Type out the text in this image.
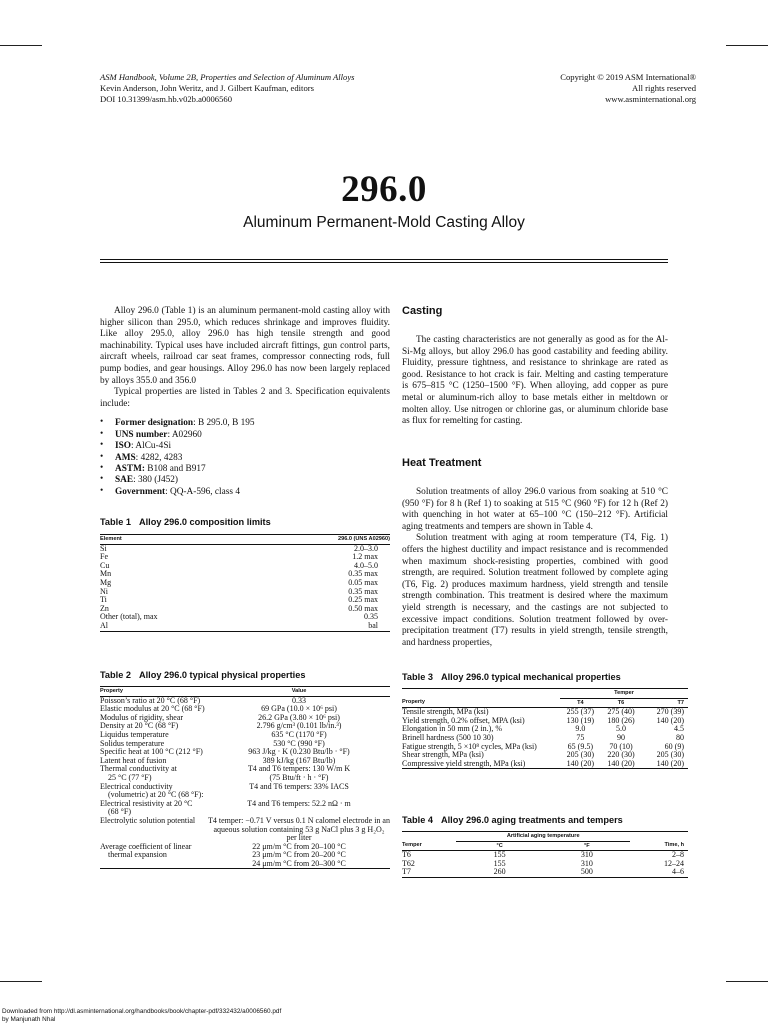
ASM Handbook, Volume 2B, Properties and Selection of Aluminum Alloys
Kevin Anderson, John Weritz, and J. Gilbert Kaufman, editors
DOI 10.31399/asm.hb.v02b.a0006560
Copyright © 2019 ASM International®
All rights reserved
www.asminternational.org
296.0
Aluminum Permanent-Mold Casting Alloy

Alloy 296.0 (Table 1) is an aluminum permanent-mold casting alloy with higher silicon than 295.0, which reduces shrinkage and improves fluidity. Like alloy 295.0, alloy 296.0 has high tensile strength and good machinability. Typical uses have included aircraft fittings, gun control parts, aircraft wheels, railroad car seat frames, compressor connecting rods, full pump bodies, and gear housings. Alloy 296.0 has now been largely replaced by alloys 355.0 and 356.0

Typical properties are listed in Tables 2 and 3. Specification equivalents include:

• Former designation: B 295.0, B 195
• UNS number: A02960
• ISO: AlCu-4Si
• AMS: 4282, 4283
• ASTM: B108 and B917
• SAE: 380 (J452)
• Government: QQ-A-596, class 4
Casting

The casting characteristics are not generally as good as for the Al-Si-Mg alloys, but alloy 296.0 has good castability and feeding ability. Fluidity, pressure tightness, and resistance to shrinkage are rated as good. Resistance to hot crack is fair. Melting and casting temperature is 675–815 °C (1250–1500 °F). When alloying, add copper as pure metal or aluminum-rich alloy to base metals either in meltdown or molten alloy. Use nitrogen or chlorine gas, or aluminum chloride base as flux for remelting for casting.

Heat Treatment

Solution treatments of alloy 296.0 various from soaking at 510 °C (950 °F) for 8 h (Ref 1) to soaking at 515 °C (960 °F) for 12 h (Ref 2) with quenching in hot water at 65–100 °C (150–212 °F). Artificial aging treatments and tempers are shown in Table 4.

Solution treatment with aging at room temperature (T4, Fig. 1) offers the highest ductility and impact resistance and is recommended when maximum shock-resisting properties, combined with good strength, are required. Solution treatment followed by complete aging (T6, Fig. 2) produces maximum hardness, yield strength and tensile strength combination. This treatment is desired where the maximum yield strength is necessary, and the castings are not subjected to excessive impact conditions. Solution treatment followed by over-precipitation treatment (T7) results in yield strength, tensile strength, and hardness properties,

Table 1 Alloy 296.0 composition limits
Element	296.0 (UNS A02960)
Si	2.0–3.0
Fe	1.2 max
Cu	4.0–5.0
Mn	0.35 max
Mg	0.05 max
Ni	0.35 max
Ti	0.25 max
Zn	0.50 max
Other (total), max	0.35
Al	bal
Table 2 Alloy 296.0 typical physical properties
Property	Value
Poisson’s ratio at 20 °C (68 °F)	0.33
Elastic modulus at 20 °C (68 °F)	69 GPa (10.0 × 10⁶ psi)
Modulus of rigidity, shear	26.2 GPa (3.80 × 10⁶ psi)
Density at 20 °C (68 °F)	2.796 g/cm³ (0.101 lb/in.³)
Liquidus temperature	635 °C (1170 °F)
Solidus temperature	530 °C (990 °F)
Specific heat at 100 °C (212 °F)	963 J/kg · K (0.230 Btu/lb · °F)
Latent heat of fusion	389 kJ/kg (167 Btu/lb)
Thermal conductivity at	T4 and T6 tempers: 130 W/m K
25 °C (77 °F)	(75 Btu/ft · h · °F)
Electrical conductivity	T4 and T6 tempers: 33% IACS
(volumetric) at 20 °C (68 °F):	
Electrical resistivity at 20 °C	T4 and T6 tempers: 52.2 nΩ · m
(68 °F)	
Electrolytic solution potential	T4 temper: −0.71 V versus 0.1 N calomel electrode in an
	aqueous solution containing 53 g NaCl plus 3 g H₂O₂
	per liter
Average coefficient of linear	22 μm/m °C from 20–100 °C
thermal expansion	23 μm/m °C from 20–200 °C
	24 μm/m °C from 20–300 °C
Table 3 Alloy 296.0 typical mechanical properties
	Temper		
Property	T4	T6	T7
Tensile strength, MPa (ksi)	255 (37)	275 (40)	270 (39)
Yield strength, 0.2% offset, MPA (ksi)	130 (19)	180 (26)	140 (20)
Elongation in 50 mm (2 in.), %	9.0	5.0	4.5
Brinell hardness (500 10 30)	75	90	80
Fatigue strength, 5 ×10⁸ cycles, MPa (ksi)	65 (9.5)	70 (10)	60 (9)
Shear strength, MPa (ksi)	205 (30)	220 (30)	205 (30)
Compressive yield strength, MPa (ksi)	140 (20)	140 (20)	140 (20)
Table 4 Alloy 296.0 aging treatments and tempers
	Artificial aging temperature		
Temper	°C	°F	Time, h
T6	155	310	2–8
T62	155	310	12–24
T7	260	500	4–6
Downloaded from http://dl.asminternational.org/handbooks/book/chapter-pdf/332432/a0006560.pdf
by Manjunath Nhal
